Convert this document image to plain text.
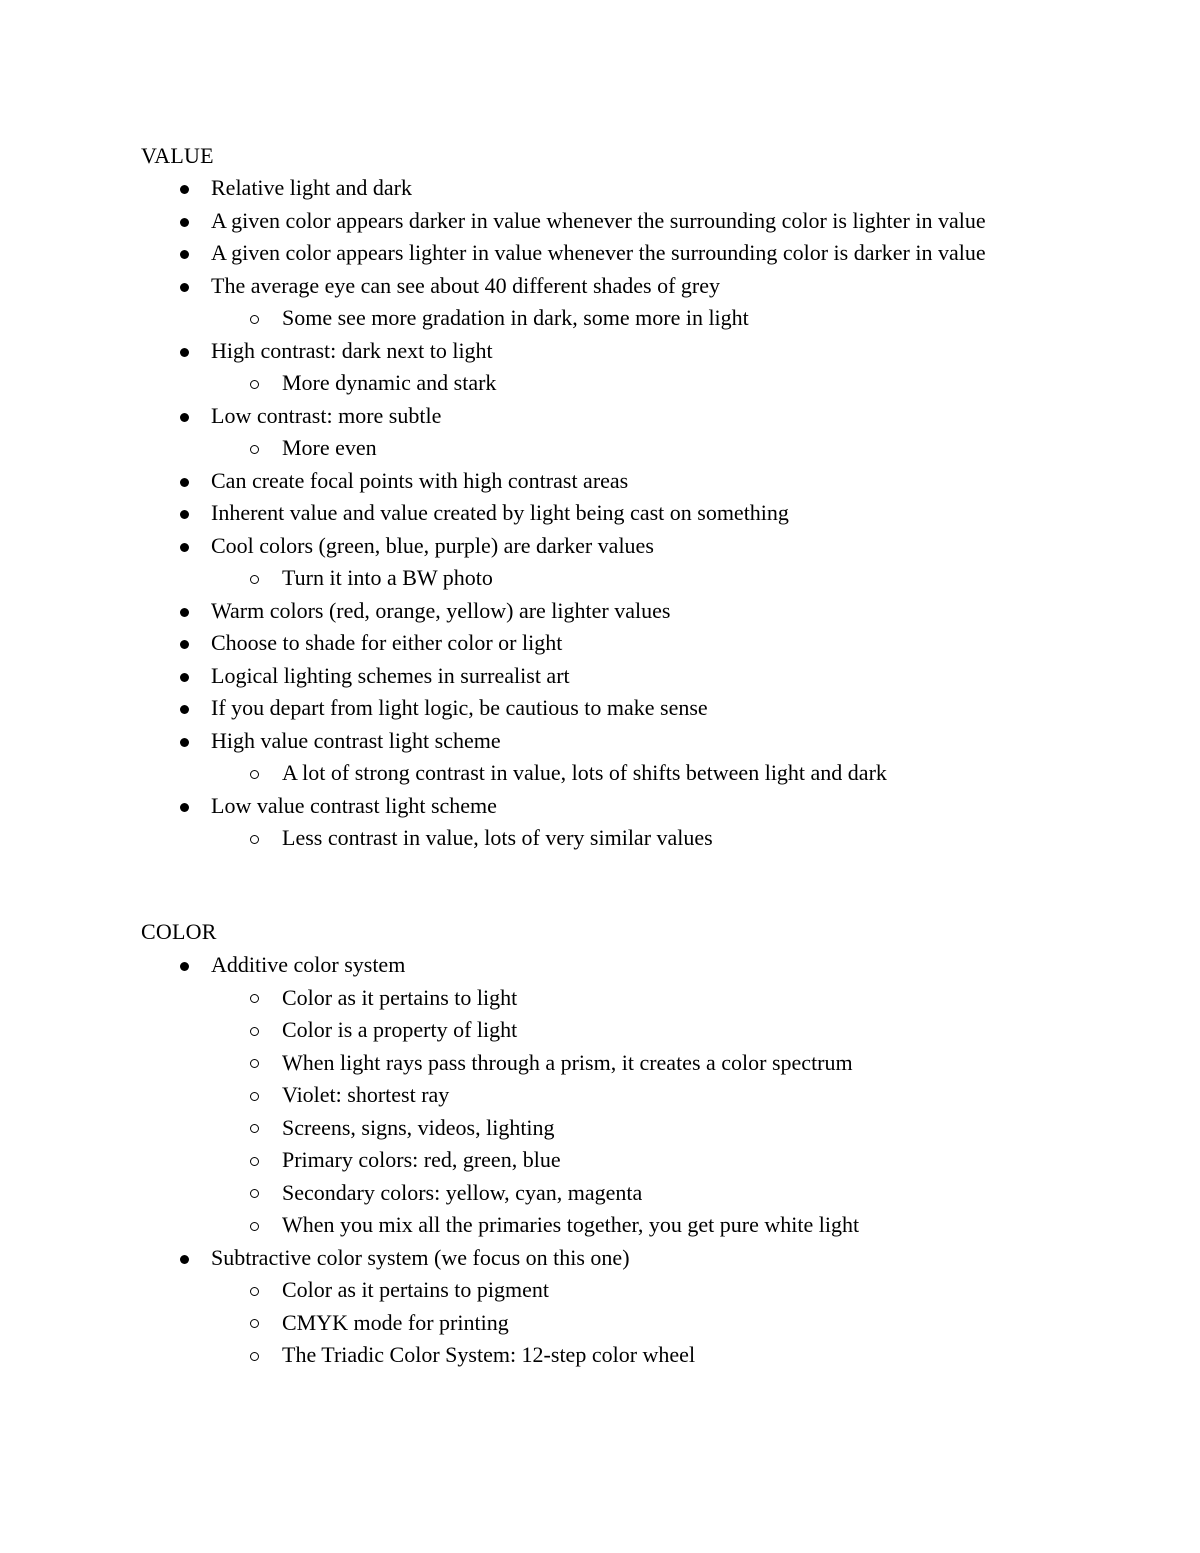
VALUE
Relative light and dark
A given color appears darker in value whenever the surrounding color is lighter in value
A given color appears lighter in value whenever the surrounding color is darker in value
The average eye can see about 40 different shades of grey
Some see more gradation in dark, some more in light
High contrast: dark next to light
More dynamic and stark
Low contrast: more subtle
More even
Can create focal points with high contrast areas
Inherent value and value created by light being cast on something
Cool colors (green, blue, purple) are darker values
Turn it into a BW photo
Warm colors (red, orange, yellow) are lighter values
Choose to shade for either color or light
Logical lighting schemes in surrealist art
If you depart from light logic, be cautious to make sense
High value contrast light scheme
A lot of strong contrast in value, lots of shifts between light and dark
Low value contrast light scheme
Less contrast in value, lots of very similar values
COLOR
Additive color system
Color as it pertains to light
Color is a property of light
When light rays pass through a prism, it creates a color spectrum
Violet: shortest ray
Screens, signs, videos, lighting
Primary colors: red, green, blue
Secondary colors: yellow, cyan, magenta
When you mix all the primaries together, you get pure white light
Subtractive color system (we focus on this one)
Color as it pertains to pigment
CMYK mode for printing
The Triadic Color System: 12-step color wheel
